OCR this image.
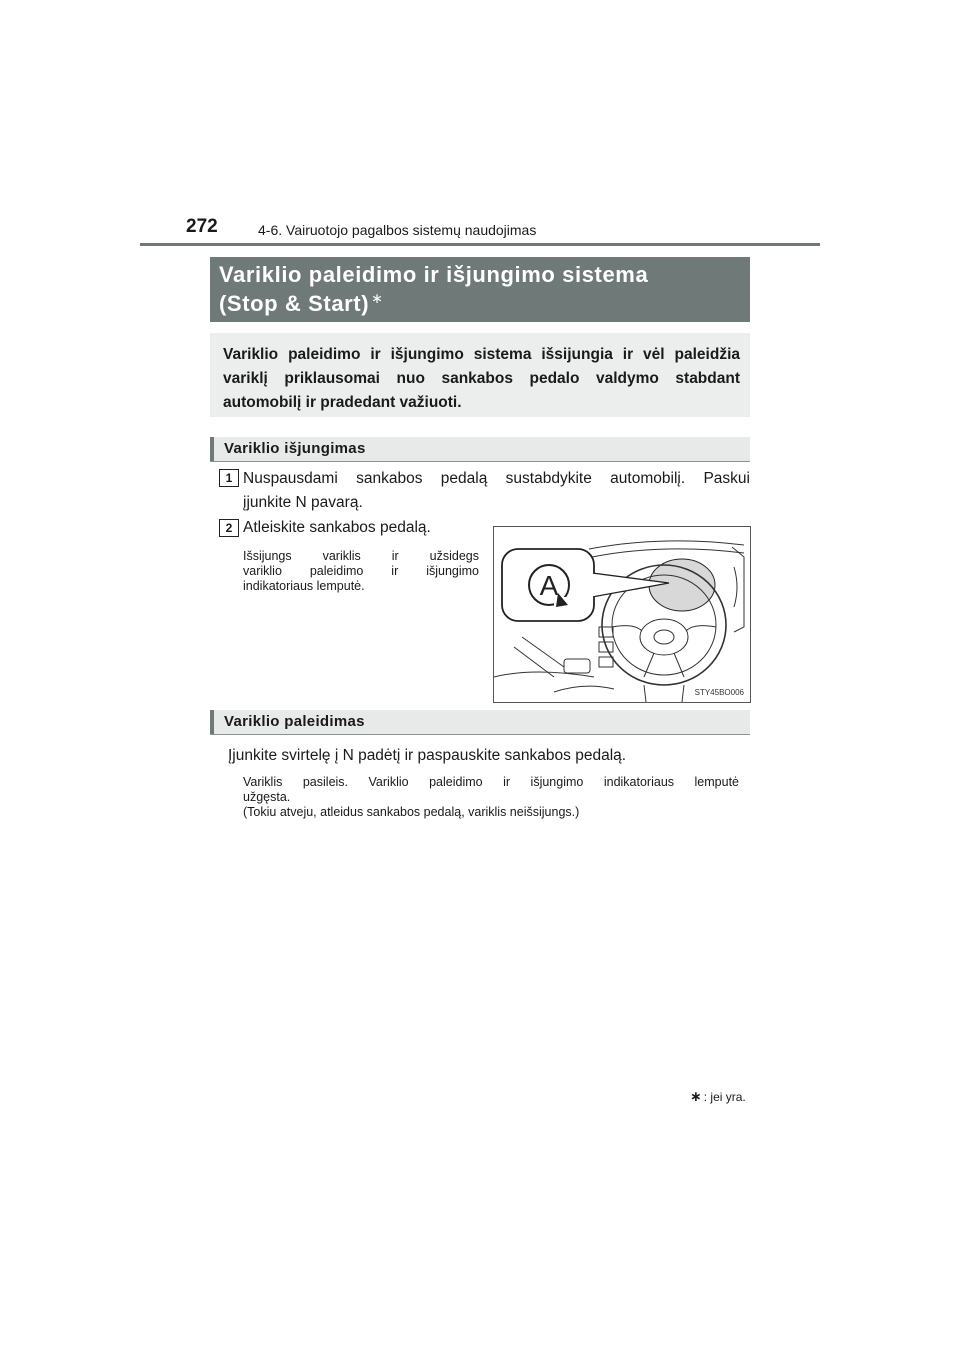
272	4-6. Vairuotojo pagalbos sistemų naudojimas
Variklio paleidimo ir išjungimo sistema
(Stop & Start) ∗

Variklio paleidimo ir išjungimo sistema išsijungia ir vėl paleidžia variklį priklausomai nuo sankabos pedalo valdymo stabdant automobilį ir pradedant važiuoti.

Variklio išjungimas
1 Nuspausdami sankabos pedalą sustabdykite automobilį. Paskui
įjunkite N pavarą.
2 Atleiskite sankabos pedalą.
Išsijungs variklis ir užsidegs
variklio paleidimo ir išjungimo
indikatoriaus lemputė.	A
STY45BO006
Variklio paleidimas
Įjunkite svirtelę į N padėtį ir paspauskite sankabos pedalą.
Variklis pasileis. Variklio paleidimo ir išjungimo indikatoriaus lemputė
užgęsta.
(Tokiu atveju, atleidus sankabos pedalą, variklis neišsijungs.)
∗ : jei yra.
